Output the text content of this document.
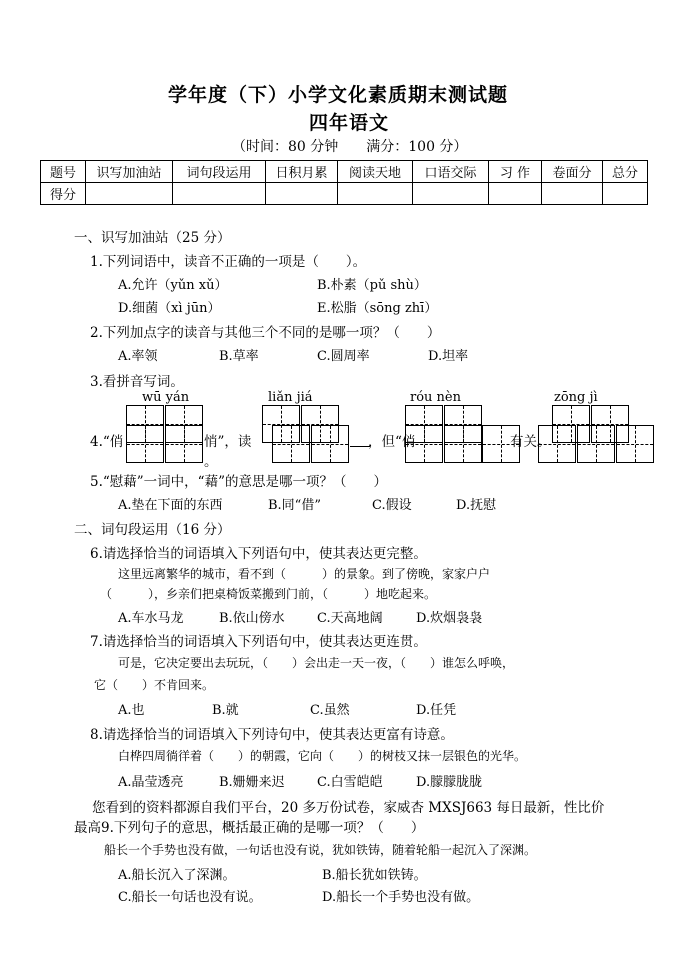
学年度（下）小学文化素质期末测试题
四年语文
（时间：80 分钟　　满分：100 分）
题号	识写加油站	词句段运用	日积月累	阅读天地	口语交际	习 作	卷面分	总分
得分								
一、识写加油站（25 分）
1.下列词语中，读音不正确的一项是（　　）。
A.允许（yǔn xǔ）	B.朴素（pǔ shù）
D.细菌（xì jūn）	E.松脂（sōng zhī）
2.下列加点字的读音与其他三个不同的是哪一项？（　　）
A.率领	B.草率	C.圆周率	D.坦率
3.看拼音写词。
wū yán	liǎn jiá	róu nèn	zōng jì
4.“俏	悄”，读	，但“俏	有关。
。
5.“慰藉”一词中，“藉”的意思是哪一项？（　　）
A.垫在下面的东西	B.同“借”	C.假设	D.抚慰
二、词句段运用（16 分）
6.请选择恰当的词语填入下列语句中，使其表达更完整。
这里远离繁华的城市，看不到（　　　）的景象。到了傍晚，家家户户
（　　　），乡亲们把桌椅饭菜搬到门前，（　　　）地吃起来。
A.车水马龙	B.依山傍水 C.天高地阔	D.炊烟袅袅
7.请选择恰当的词语填入下列语句中，使其表达更连贯。
可是，它决定要出去玩玩，（　　）会出走一天一夜，（　　）谁怎么呼唤，
它（　　）不肯回来。
A.也	B.就	C.虽然	D.任凭
8.请选择恰当的词语填入下列诗句中，使其表达更富有诗意。
白桦四周徜徉着（　　）的朝霞，它向（　　）的树枝又抹一层银色的光华。
A.晶莹透亮	B.姗姗来迟 C.白雪皑皑	D.朦朦胧胧
您看到的资料都源自我们平台，20 多万份试卷，家威杏 MXSJ663 每日最新，性比价
最高9.下列句子的意思，概括最正确的是哪一项？（　　）
船长一个手势也没有做，一句话也没有说，犹如铁铸，随着轮船一起沉入了深渊。
A.船长沉入了深渊。	B.船长犹如铁铸。
C.船长一句话也没有说。	D.船长一个手势也没有做。
